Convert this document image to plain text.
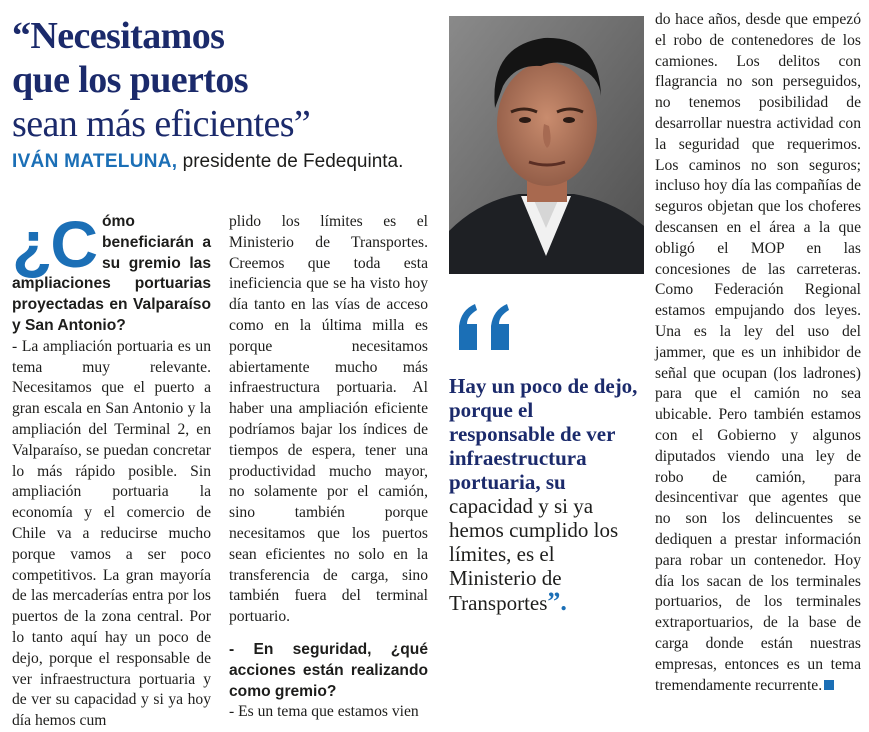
“Necesitamos
que los puertos
sean más eficientes”
IVÁN MATELUNA, presidente de Fedequinta.

¿C ómo beneficiarán a su gremio las ampliaciones portuarias proyectadas en Valparaíso y San Antonio?

- La ampliación portuaria es un tema muy relevante. Necesitamos que el puerto a gran escala en San Antonio y la ampliación del Terminal 2, en Valparaíso, se puedan concretar lo más rápido posible. Sin ampliación portuaria la economía y el comercio de Chile va a reducirse mucho porque vamos a ser poco competitivos. La gran mayoría de las mercaderías entra por los puertos de la zona central. Por lo tanto aquí hay un poco de dejo, porque el responsable de ver infraestructura portuaria y de ver su capacidad y si ya hoy día hemos cum

plido los límites es el Ministerio de Transportes. Creemos que toda esta ineficiencia que se ha visto hoy día tanto en las vías de acceso como en la última milla es porque necesitamos abiertamente mucho más infraestructura portuaria. Al haber una ampliación eficiente podríamos bajar los índices de tiempos de espera, tener una productividad mucho mayor, no solamente por el camión, sino también porque necesitamos que los puertos sean eficientes no solo en la transferencia de carga, sino también fuera del terminal portuario.

- En seguridad, ¿qué acciones están realizando como gremio?

- Es un tema que estamos vien

Hay un poco de dejo, porque el responsable de ver infraestructura portuaria, su capacidad y si ya hemos cumplido los límites, es el Ministerio de Transportes”.

do hace años, desde que empezó el robo de contenedores de los camiones. Los delitos con flagrancia no son perseguidos, no tenemos posibilidad de desarrollar nuestra actividad con la seguridad que requerimos. Los caminos no son seguros; incluso hoy día las compañías de seguros objetan que los choferes descansen en el área a la que obligó el MOP en las concesiones de las carreteras. Como Federación Regional estamos empujando dos leyes. Una es la ley del uso del jammer, que es un inhibidor de señal que ocupan (los ladrones) para que el camión no sea ubicable. Pero también estamos con el Gobierno y algunos diputados viendo una ley de robo de camión, para desincentivar que agentes que no son los delincuentes se dediquen a prestar información para robar un contenedor. Hoy día los sacan de los terminales portuarios, de los terminales extraportuarios, de la base de carga donde están nuestras empresas, entonces es un tema tremendamente recurrente.
